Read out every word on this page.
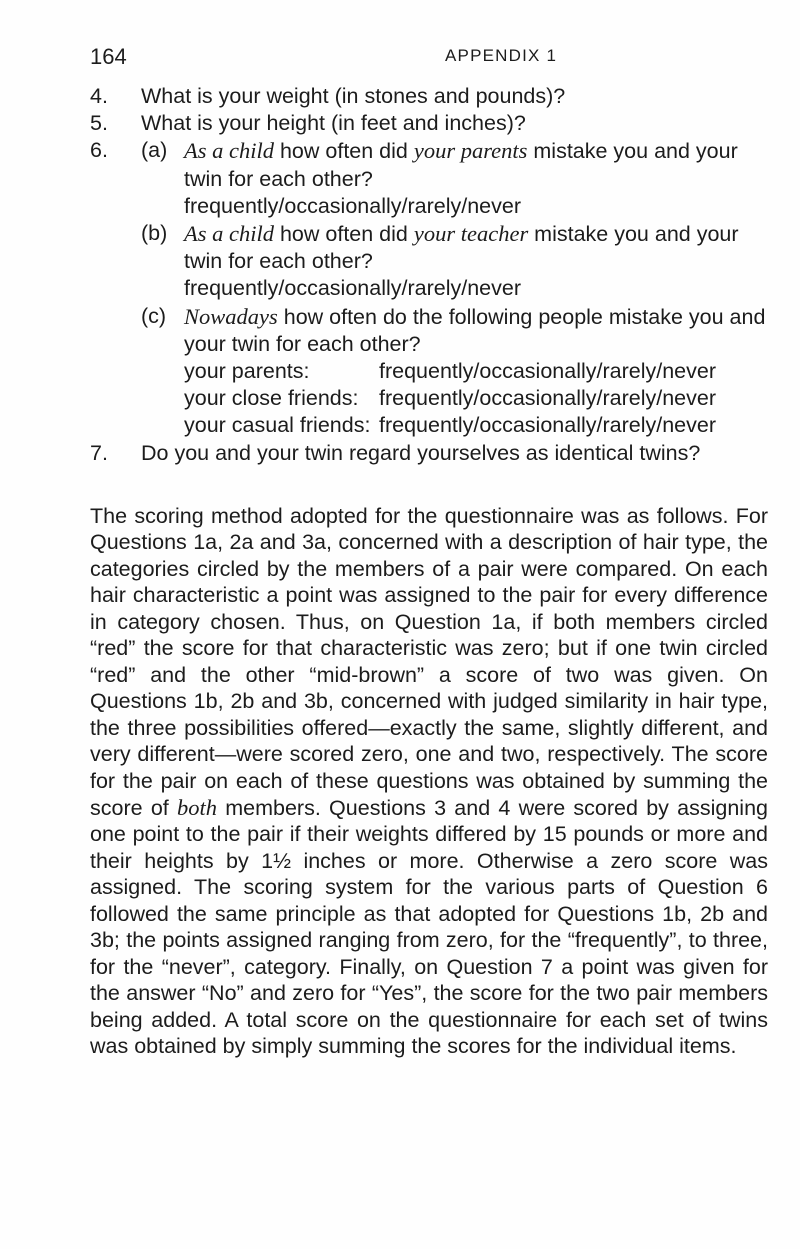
164	APPENDIX 1
4.	What is your weight (in stones and pounds)?
5.	What is your height (in feet and inches)?
6.	(a) As a child how often did your parents mistake you and your twin for each other?
frequently/occasionally/rarely/never
(b) As a child how often did your teacher mistake you and your twin for each other?
frequently/occasionally/rarely/never
(c) Nowadays how often do the following people mistake you and your twin for each other?
your parents:	frequently/occasionally/rarely/never
your close friends: frequently/occasionally/rarely/never
your casual friends: frequently/occasionally/rarely/never
7.	Do you and your twin regard yourselves as identical twins?

The scoring method adopted for the questionnaire was as follows. For Questions 1a, 2a and 3a, concerned with a description of hair type, the categories circled by the members of a pair were compared. On each hair characteristic a point was assigned to the pair for every difference in category chosen. Thus, on Question 1a, if both members circled “red” the score for that characteristic was zero; but if one twin circled “red” and the other “mid-brown” a score of two was given. On Questions 1b, 2b and 3b, concerned with judged similarity in hair type, the three possibilities offered—exactly the same, slightly different, and very different—were scored zero, one and two, respectively. The score for the pair on each of these questions was obtained by summing the score of both members. Questions 3 and 4 were scored by assigning one point to the pair if their weights differed by 15 pounds or more and their heights by 1½ inches or more. Otherwise a zero score was assigned. The scoring system for the various parts of Question 6 followed the same principle as that adopted for Questions 1b, 2b and 3b; the points assigned ranging from zero, for the “frequently”, to three, for the “never”, category. Finally, on Question 7 a point was given for the answer “No” and zero for “Yes”, the score for the two pair members being added. A total score on the questionnaire for each set of twins was obtained by simply summing the scores for the individual items.
